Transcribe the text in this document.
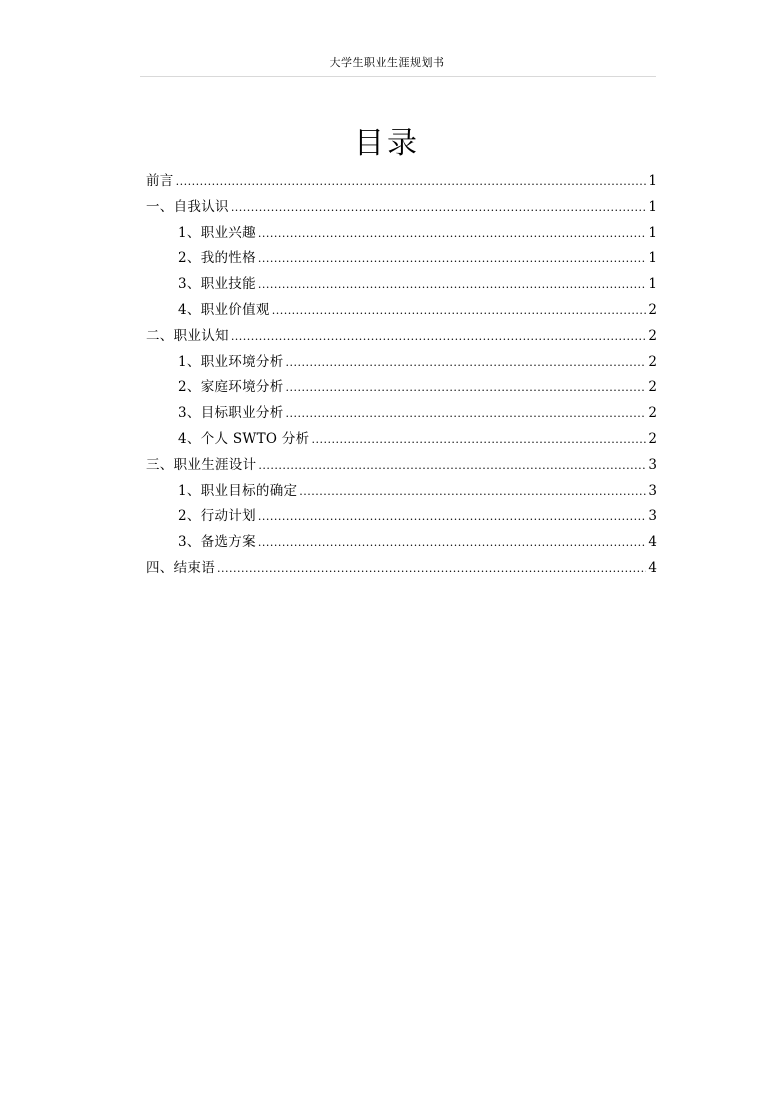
大学生职业生涯规划书
目录
前言 .....	1
一、自我认识 .....	1
1、职业兴趣 .....	1
2、我的性格 .....	1
3、职业技能 .....	1
4、职业价值观 .....	2
二、职业认知 .....	2
1、职业环境分析 .....	2
2、家庭环境分析 .....	2
3、目标职业分析 .....	2
4、个人 SWTO 分析 .....	2
三、职业生涯设计 .....	3
1、职业目标的确定 .....	3
2、行动计划 .....	3
3、备选方案 .....	4
四、结束语 .....	4
